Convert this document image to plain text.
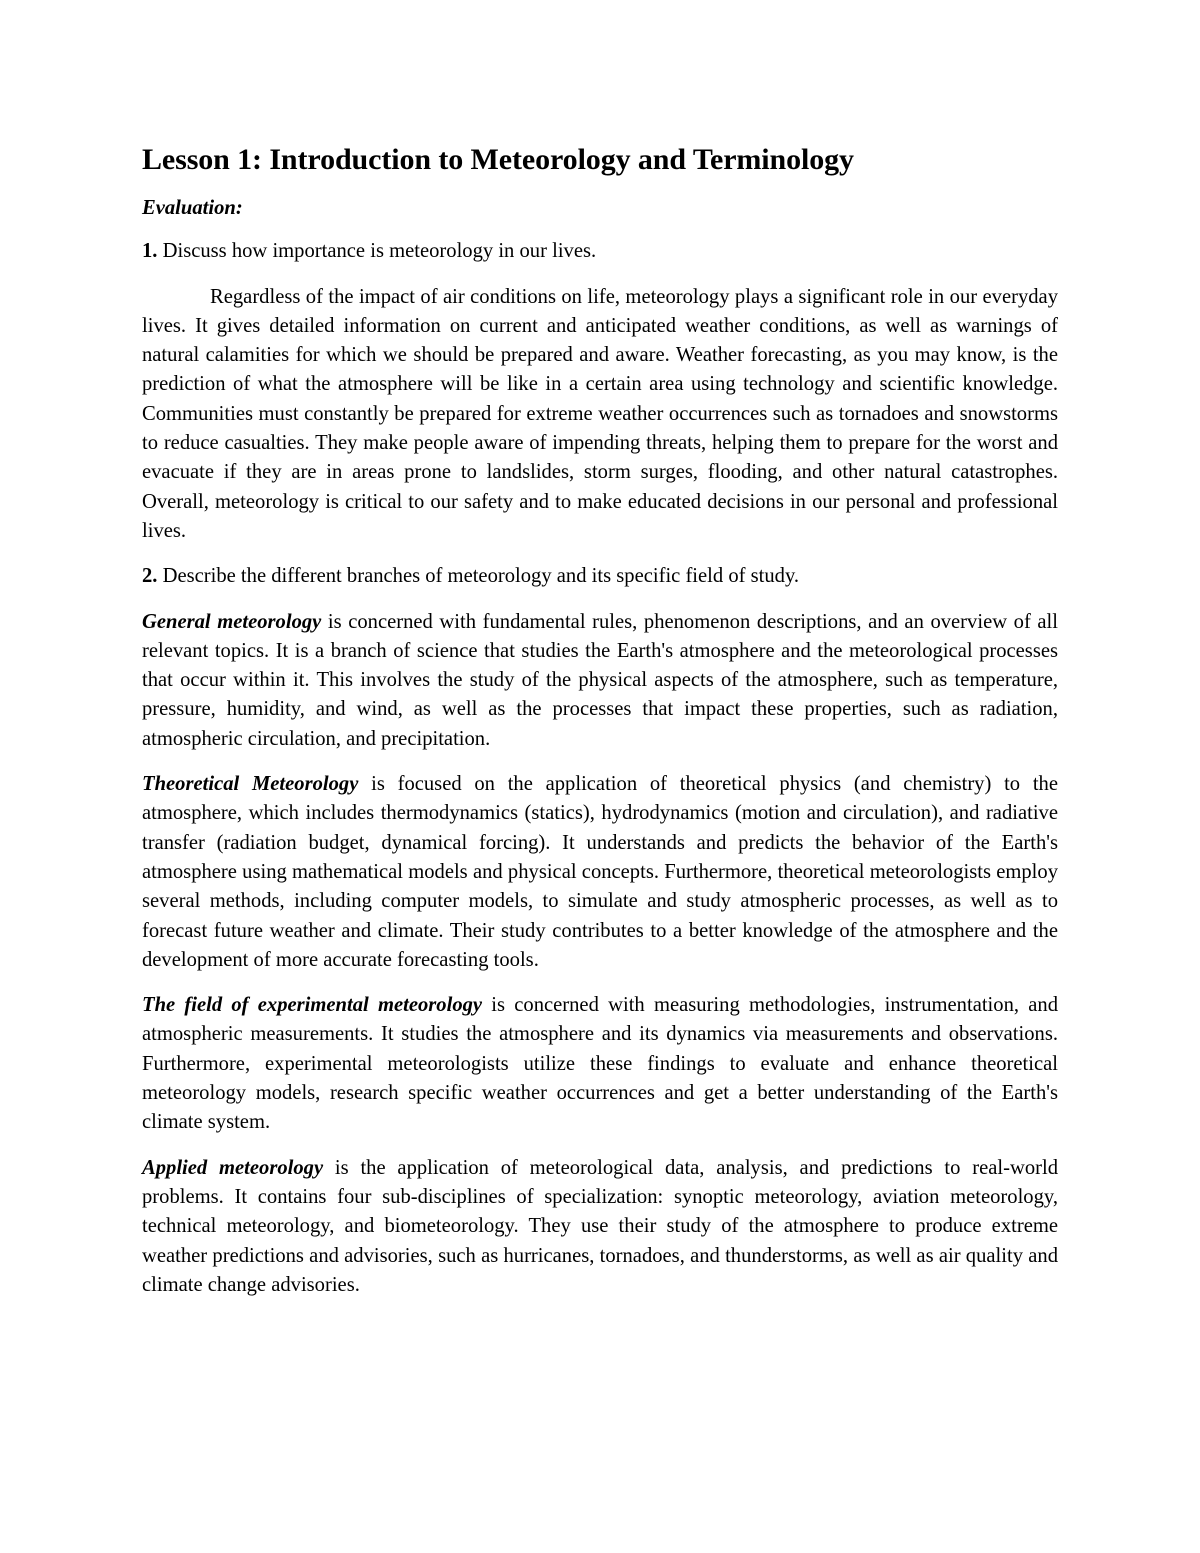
Lesson 1: Introduction to Meteorology and Terminology
Evaluation:
1. Discuss how importance is meteorology in our lives.
Regardless of the impact of air conditions on life, meteorology plays a significant role in our everyday lives. It gives detailed information on current and anticipated weather conditions, as well as warnings of natural calamities for which we should be prepared and aware. Weather forecasting, as you may know, is the prediction of what the atmosphere will be like in a certain area using technology and scientific knowledge. Communities must constantly be prepared for extreme weather occurrences such as tornadoes and snowstorms to reduce casualties. They make people aware of impending threats, helping them to prepare for the worst and evacuate if they are in areas prone to landslides, storm surges, flooding, and other natural catastrophes. Overall, meteorology is critical to our safety and to make educated decisions in our personal and professional lives.
2. Describe the different branches of meteorology and its specific field of study.
General meteorology is concerned with fundamental rules, phenomenon descriptions, and an overview of all relevant topics. It is a branch of science that studies the Earth's atmosphere and the meteorological processes that occur within it. This involves the study of the physical aspects of the atmosphere, such as temperature, pressure, humidity, and wind, as well as the processes that impact these properties, such as radiation, atmospheric circulation, and precipitation.
Theoretical Meteorology is focused on the application of theoretical physics (and chemistry) to the atmosphere, which includes thermodynamics (statics), hydrodynamics (motion and circulation), and radiative transfer (radiation budget, dynamical forcing). It understands and predicts the behavior of the Earth's atmosphere using mathematical models and physical concepts. Furthermore, theoretical meteorologists employ several methods, including computer models, to simulate and study atmospheric processes, as well as to forecast future weather and climate. Their study contributes to a better knowledge of the atmosphere and the development of more accurate forecasting tools.
The field of experimental meteorology is concerned with measuring methodologies, instrumentation, and atmospheric measurements. It studies the atmosphere and its dynamics via measurements and observations. Furthermore, experimental meteorologists utilize these findings to evaluate and enhance theoretical meteorology models, research specific weather occurrences and get a better understanding of the Earth's climate system.
Applied meteorology is the application of meteorological data, analysis, and predictions to real-world problems. It contains four sub-disciplines of specialization: synoptic meteorology, aviation meteorology, technical meteorology, and biometeorology. They use their study of the atmosphere to produce extreme weather predictions and advisories, such as hurricanes, tornadoes, and thunderstorms, as well as air quality and climate change advisories.
